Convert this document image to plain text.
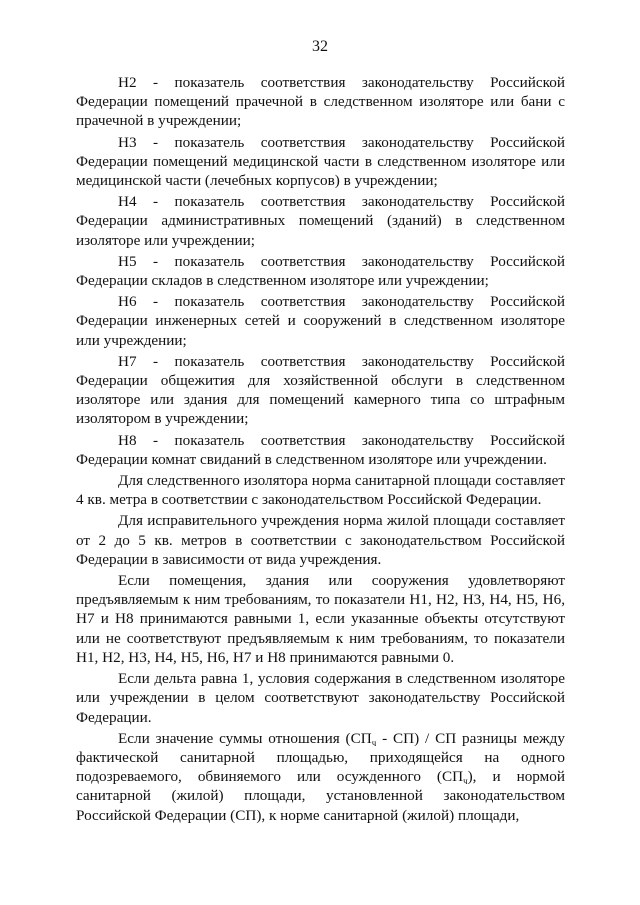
32

Н2 - показатель соответствия законодательству Российской Федерации помещений прачечной в следственном изоляторе или бани с прачечной в учреждении;

Н3 - показатель соответствия законодательству Российской Федерации помещений медицинской части в следственном изоляторе или медицинской части (лечебных корпусов) в учреждении;

Н4 - показатель соответствия законодательству Российской Федерации административных помещений (зданий) в следственном изоляторе или учреждении;

Н5 - показатель соответствия законодательству Российской Федерации складов в следственном изоляторе или учреждении;

Н6 - показатель соответствия законодательству Российской Федерации инженерных сетей и сооружений в следственном изоляторе или учреждении;

Н7 - показатель соответствия законодательству Российской Федерации общежития для хозяйственной обслуги в следственном изоляторе или здания для помещений камерного типа со штрафным изолятором в учреждении;

Н8 - показатель соответствия законодательству Российской Федерации комнат свиданий в следственном изоляторе или учреждении.

Для следственного изолятора норма санитарной площади составляет 4 кв. метра в соответствии с законодательством Российской Федерации.

Для исправительного учреждения норма жилой площади составляет от 2 до 5 кв. метров в соответствии с законодательством Российской Федерации в зависимости от вида учреждения.

Если помещения, здания или сооружения удовлетворяют предъявляемым к ним требованиям, то показатели Н1, Н2, Н3, Н4, Н5, Н6, Н7 и Н8 принимаются равными 1, если указанные объекты отсутствуют или не соответствуют предъявляемым к ним требованиям, то показатели Н1, Н2, Н3, Н4, Н5, Н6, Н7 и Н8 принимаются равными 0.

Если дельта равна 1, условия содержания в следственном изоляторе или учреждении в целом соответствуют законодательству Российской Федерации.

Если значение суммы отношения $(СП_ч - СП)$ / СП разницы между фактической санитарной площадью, приходящейся на одного подозреваемого, обвиняемого или осужденного $(СП_ч)$, и нормой санитарной (жилой) площади, установленной законодательством Российской Федерации (СП), к норме санитарной (жилой) площади,
